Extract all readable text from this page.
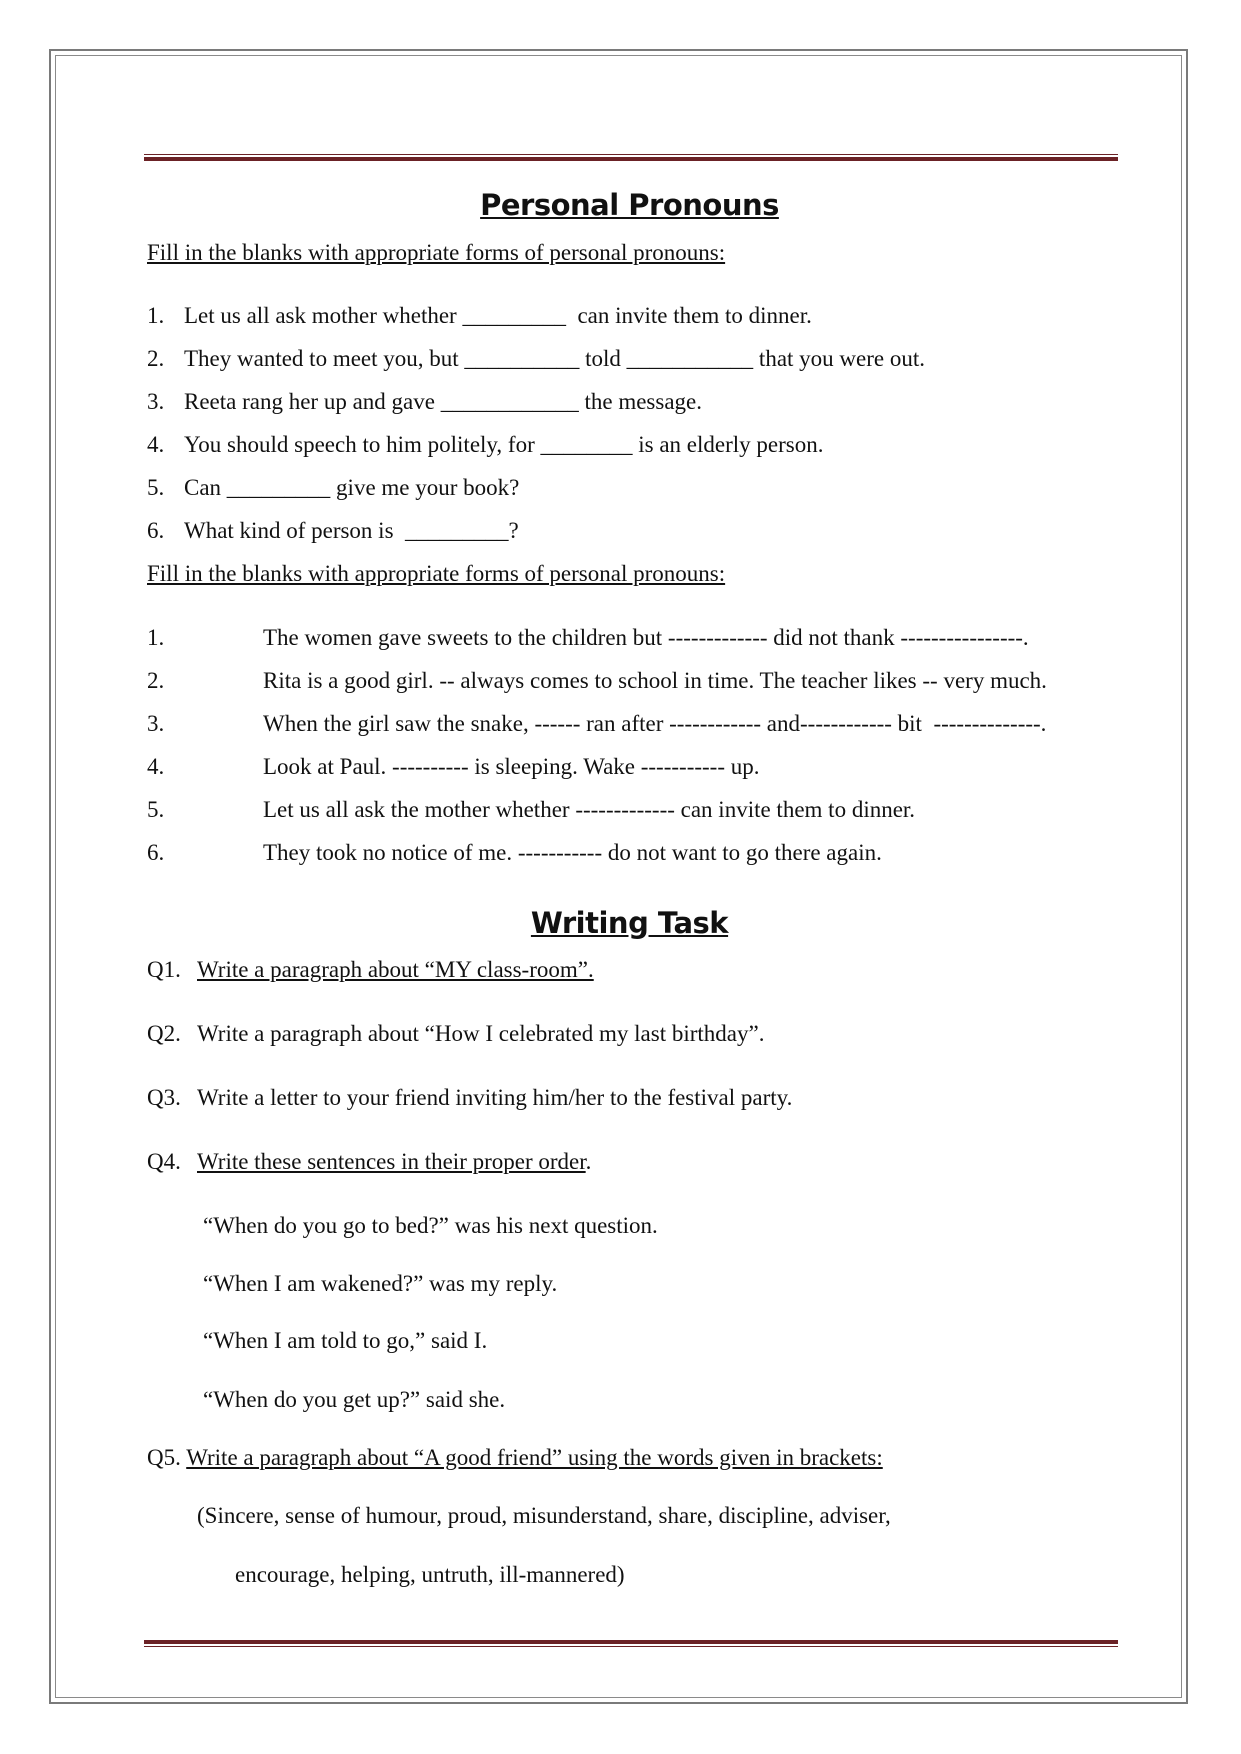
Personal Pronouns
Fill in the blanks with appropriate forms of personal pronouns:
1. Let us all ask mother whether _________  can invite them to dinner.
2. They wanted to meet you, but __________ told ___________ that you were out.
3. Reeta rang her up and gave ____________ the message.
4. You should speech to him politely, for ________ is an elderly person.
5. Can _________ give me your book?
6. What kind of person is  _________?
Fill in the blanks with appropriate forms of personal pronouns:
1.	The women gave sweets to the children but ------------- did not thank ----------------.
2.	Rita is a good girl. -- always comes to school in time. The teacher likes -- very much.
3.	When the girl saw the snake, ------ ran after ------------ and------------ bit  --------------.
4.	Look at Paul. ---------- is sleeping. Wake ----------- up.
5.	Let us all ask the mother whether ------------- can invite them to dinner.
6.	They took no notice of me. ----------- do not want to go there again.
Writing Task
Q1. Write a paragraph about “MY class-room”.
Q2. Write a paragraph about “How I celebrated my last birthday”.
Q3. Write a letter to your friend inviting him/her to the festival party.
Q4. Write these sentences in their proper order.
“When do you go to bed?” was his next question.
“When I am wakened?” was my reply.
“When I am told to go,” said I.
“When do you get up?” said she.
Q5. Write a paragraph about “A good friend” using the words given in brackets:
(Sincere, sense of humour, proud, misunderstand, share, discipline, adviser,
encourage, helping, untruth, ill-mannered)
